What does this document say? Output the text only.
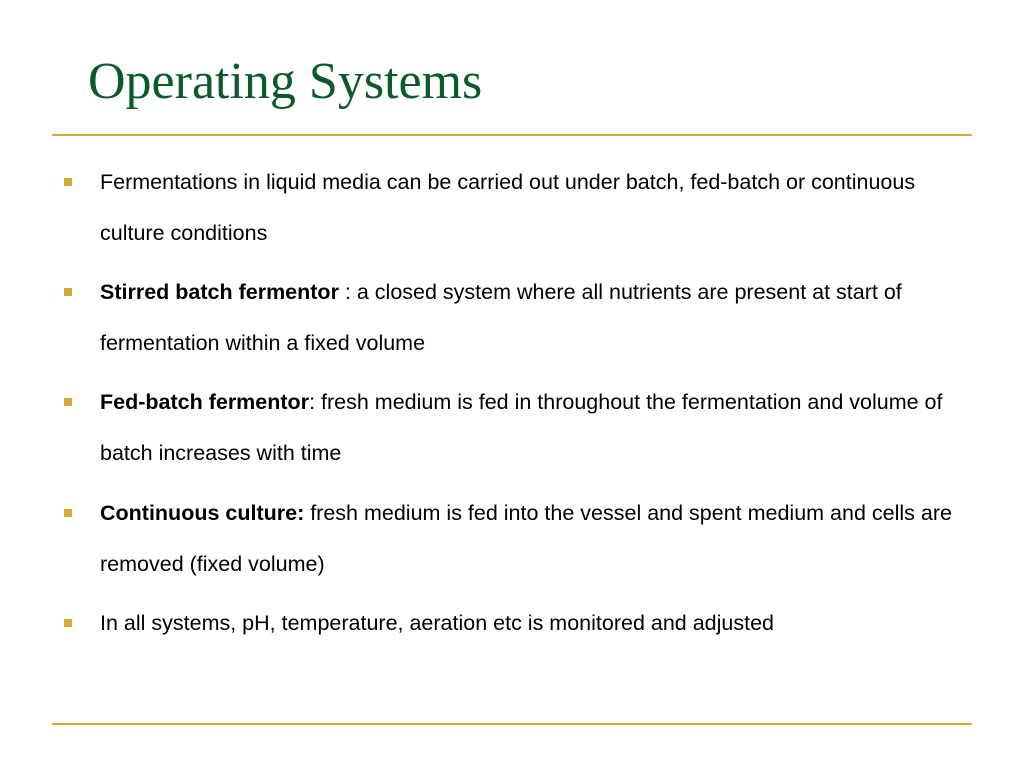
Operating Systems
Fermentations in liquid media can be carried out under batch, fed-batch or continuous culture conditions
Stirred batch fermentor : a closed system where all nutrients are present at start of fermentation within a fixed volume
Fed-batch fermentor: fresh medium is fed in throughout the fermentation and volume of batch increases with time
Continuous culture: fresh medium is fed into the vessel and spent medium and cells are removed (fixed volume)
In all systems, pH, temperature, aeration etc is monitored and adjusted
